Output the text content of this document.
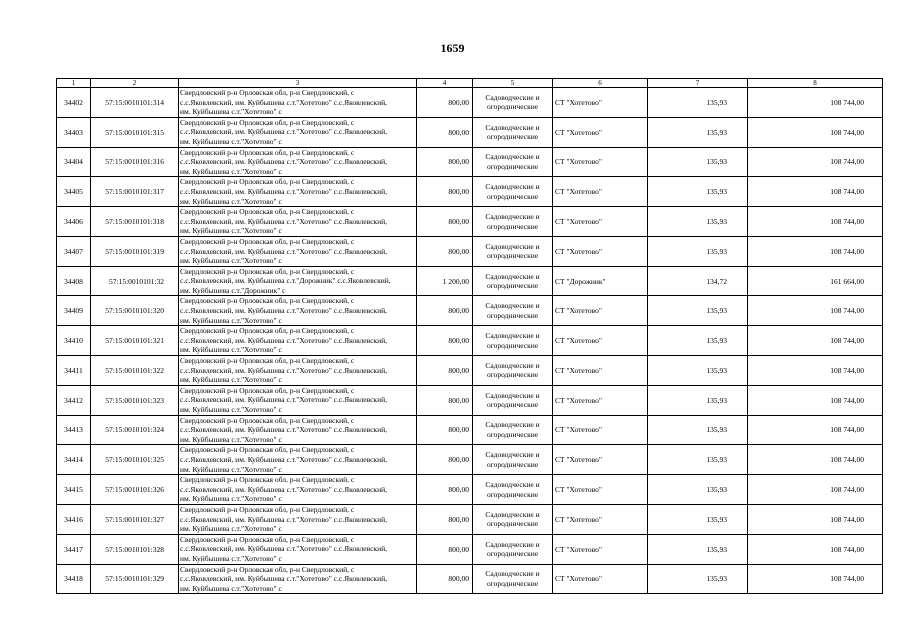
1659
1	2	3	4	5	6	7	8
34402	57:15:0010101:314	Свердловский р-н Орловская обл, р-н Свердловский, с
с.с.Яковлевский, им. Куйбышева с.т."Хотетово" с.с.Яковлевский,
им. Куйбышева с.т."Хотетово" с	800,00	Садоводческие и огороднические	СТ "Хотетово"	135,93	108 744,00
34403	57:15:0010101:315	Свердловский р-н Орловская обл, р-н Свердловский, с
с.с.Яковлевский, им. Куйбышева с.т."Хотетово" с.с.Яковлевский,
им. Куйбышева с.т."Хотетово" с	800,00	Садоводческие и огороднические	СТ "Хотетово"	135,93	108 744,00
34404	57:15:0010101:316	Свердловский р-н Орловская обл, р-н Свердловский, с
с.с.Яковлевский, им. Куйбышева с.т."Хотетово" с.с.Яковлевский,
им. Куйбышева с.т."Хотетово" с	800,00	Садоводческие и огороднические	СТ "Хотетово"	135,93	108 744,00
34405	57:15:0010101:317	Свердловский р-н Орловская обл, р-н Свердловский, с
с.с.Яковлевский, им. Куйбышева с.т."Хотетово" с.с.Яковлевский,
им. Куйбышева с.т."Хотетово" с	800,00	Садоводческие и огороднические	СТ "Хотетово"	135,93	108 744,00
34406	57:15:0010101:318	Свердловский р-н Орловская обл, р-н Свердловский, с
с.с.Яковлевский, им. Куйбышева с.т."Хотетово" с.с.Яковлевский,
им. Куйбышева с.т."Хотетово" с	800,00	Садоводческие и огороднические	СТ "Хотетово"	135,93	108 744,00
34407	57:15:0010101:319	Свердловский р-н Орловская обл, р-н Свердловский, с
с.с.Яковлевский, им. Куйбышева с.т."Хотетово" с.с.Яковлевский,
им. Куйбышева с.т."Хотетово" с	800,00	Садоводческие и огороднические	СТ "Хотетово"	135,93	108 744,00
34408	57:15:0010101:32	Свердловский р-н Орловская обл, р-н Свердловский, с
с.с.Яковлевский, им. Куйбышева с.т."Дорожник" с.с.Яковлевский,
им. Куйбышева с.т."Дорожник" с	1 200,00	Садоводческие и огороднические	СТ "Дорожник"	134,72	161 664,00
34409	57:15:0010101:320	Свердловский р-н Орловская обл, р-н Свердловский, с
с.с.Яковлевский, им. Куйбышева с.т."Хотетово" с.с.Яковлевский,
им. Куйбышева с.т."Хотетово" с	800,00	Садоводческие и огороднические	СТ "Хотетово"	135,93	108 744,00
34410	57:15:0010101:321	Свердловский р-н Орловская обл, р-н Свердловский, с
с.с.Яковлевский, им. Куйбышева с.т."Хотетово" с.с.Яковлевский,
им. Куйбышева с.т."Хотетово" с	800,00	Садоводческие и огороднические	СТ "Хотетово"	135,93	108 744,00
34411	57:15:0010101:322	Свердловский р-н Орловская обл, р-н Свердловский, с
с.с.Яковлевский, им. Куйбышева с.т."Хотетово" с.с.Яковлевский,
им. Куйбышева с.т."Хотетово" с	800,00	Садоводческие и огороднические	СТ "Хотетово"	135,93	108 744,00
34412	57:15:0010101:323	Свердловский р-н Орловская обл, р-н Свердловский, с
с.с.Яковлевский, им. Куйбышева с.т."Хотетово" с.с.Яковлевский,
им. Куйбышева с.т."Хотетово" с	800,00	Садоводческие и огороднические	СТ "Хотетово"	135,93	108 744,00
34413	57:15:0010101:324	Свердловский р-н Орловская обл, р-н Свердловский, с
с.с.Яковлевский, им. Куйбышева с.т."Хотетово" с.с.Яковлевский,
им. Куйбышева с.т."Хотетово" с	800,00	Садоводческие и огороднические	СТ "Хотетово"	135,93	108 744,00
34414	57:15:0010101:325	Свердловский р-н Орловская обл, р-н Свердловский, с
с.с.Яковлевский, им. Куйбышева с.т."Хотетово" с.с.Яковлевский,
им. Куйбышева с.т."Хотетово" с	800,00	Садоводческие и огороднические	СТ "Хотетово"	135,93	108 744,00
34415	57:15:0010101:326	Свердловский р-н Орловская обл, р-н Свердловский, с
с.с.Яковлевский, им. Куйбышева с.т."Хотетово" с.с.Яковлевский,
им. Куйбышева с.т."Хотетово" с	800,00	Садоводческие и огороднические	СТ "Хотетово"	135,93	108 744,00
34416	57:15:0010101:327	Свердловский р-н Орловская обл, р-н Свердловский, с
с.с.Яковлевский, им. Куйбышева с.т."Хотетово" с.с.Яковлевский,
им. Куйбышева с.т."Хотетово" с	800,00	Садоводческие и огороднические	СТ "Хотетово"	135,93	108 744,00
34417	57:15:0010101:328	Свердловский р-н Орловская обл, р-н Свердловский, с
с.с.Яковлевский, им. Куйбышева с.т."Хотетово" с.с.Яковлевский,
им. Куйбышева с.т."Хотетово" с	800,00	Садоводческие и огороднические	СТ "Хотетово"	135,93	108 744,00
34418	57:15:0010101:329	Свердловский р-н Орловская обл, р-н Свердловский, с
с.с.Яковлевский, им. Куйбышева с.т."Хотетово" с.с.Яковлевский,
им. Куйбышева с.т."Хотетово" с	800,00	Садоводческие и огороднические	СТ "Хотетово"	135,93	108 744,00
